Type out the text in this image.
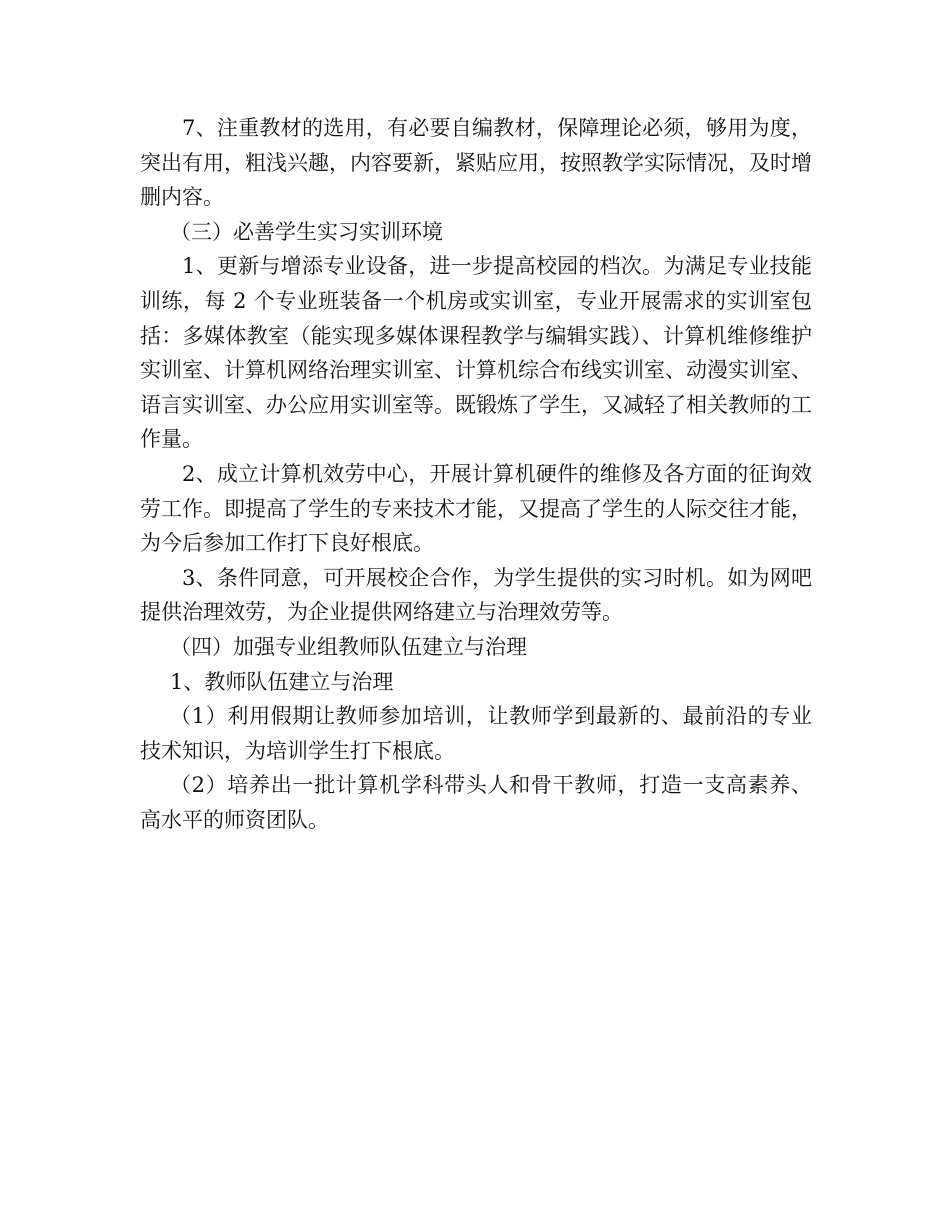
7、注重教材的选用，有必要自编教材，保障理论必须，够用为度，突出有用，粗浅兴趣，内容要新，紧贴应用，按照教学实际情况，及时增删内容。

（三）必善学生实习实训环境

1、更新与增添专业设备，进一步提高校园的档次。为满足专业技能训练，每 2 个专业班装备一个机房或实训室，专业开展需求的实训室包括：多媒体教室（能实现多媒体课程教学与编辑实践）、计算机维修维护实训室、计算机网络治理实训室、计算机综合布线实训室、动漫实训室、语言实训室、办公应用实训室等。既锻炼了学生，又减轻了相关教师的工作量。

2、成立计算机效劳中心，开展计算机硬件的维修及各方面的征询效劳工作。即提高了学生的专来技术才能，又提高了学生的人际交往才能，为今后参加工作打下良好根底。

3、条件同意，可开展校企合作，为学生提供的实习时机。如为网吧提供治理效劳，为企业提供网络建立与治理效劳等。

（四）加强专业组教师队伍建立与治理

1、教师队伍建立与治理

（1）利用假期让教师参加培训，让教师学到最新的、最前沿的专业技术知识，为培训学生打下根底。

（2）培养出一批计算机学科带头人和骨干教师，打造一支高素养、高水平的师资团队。
